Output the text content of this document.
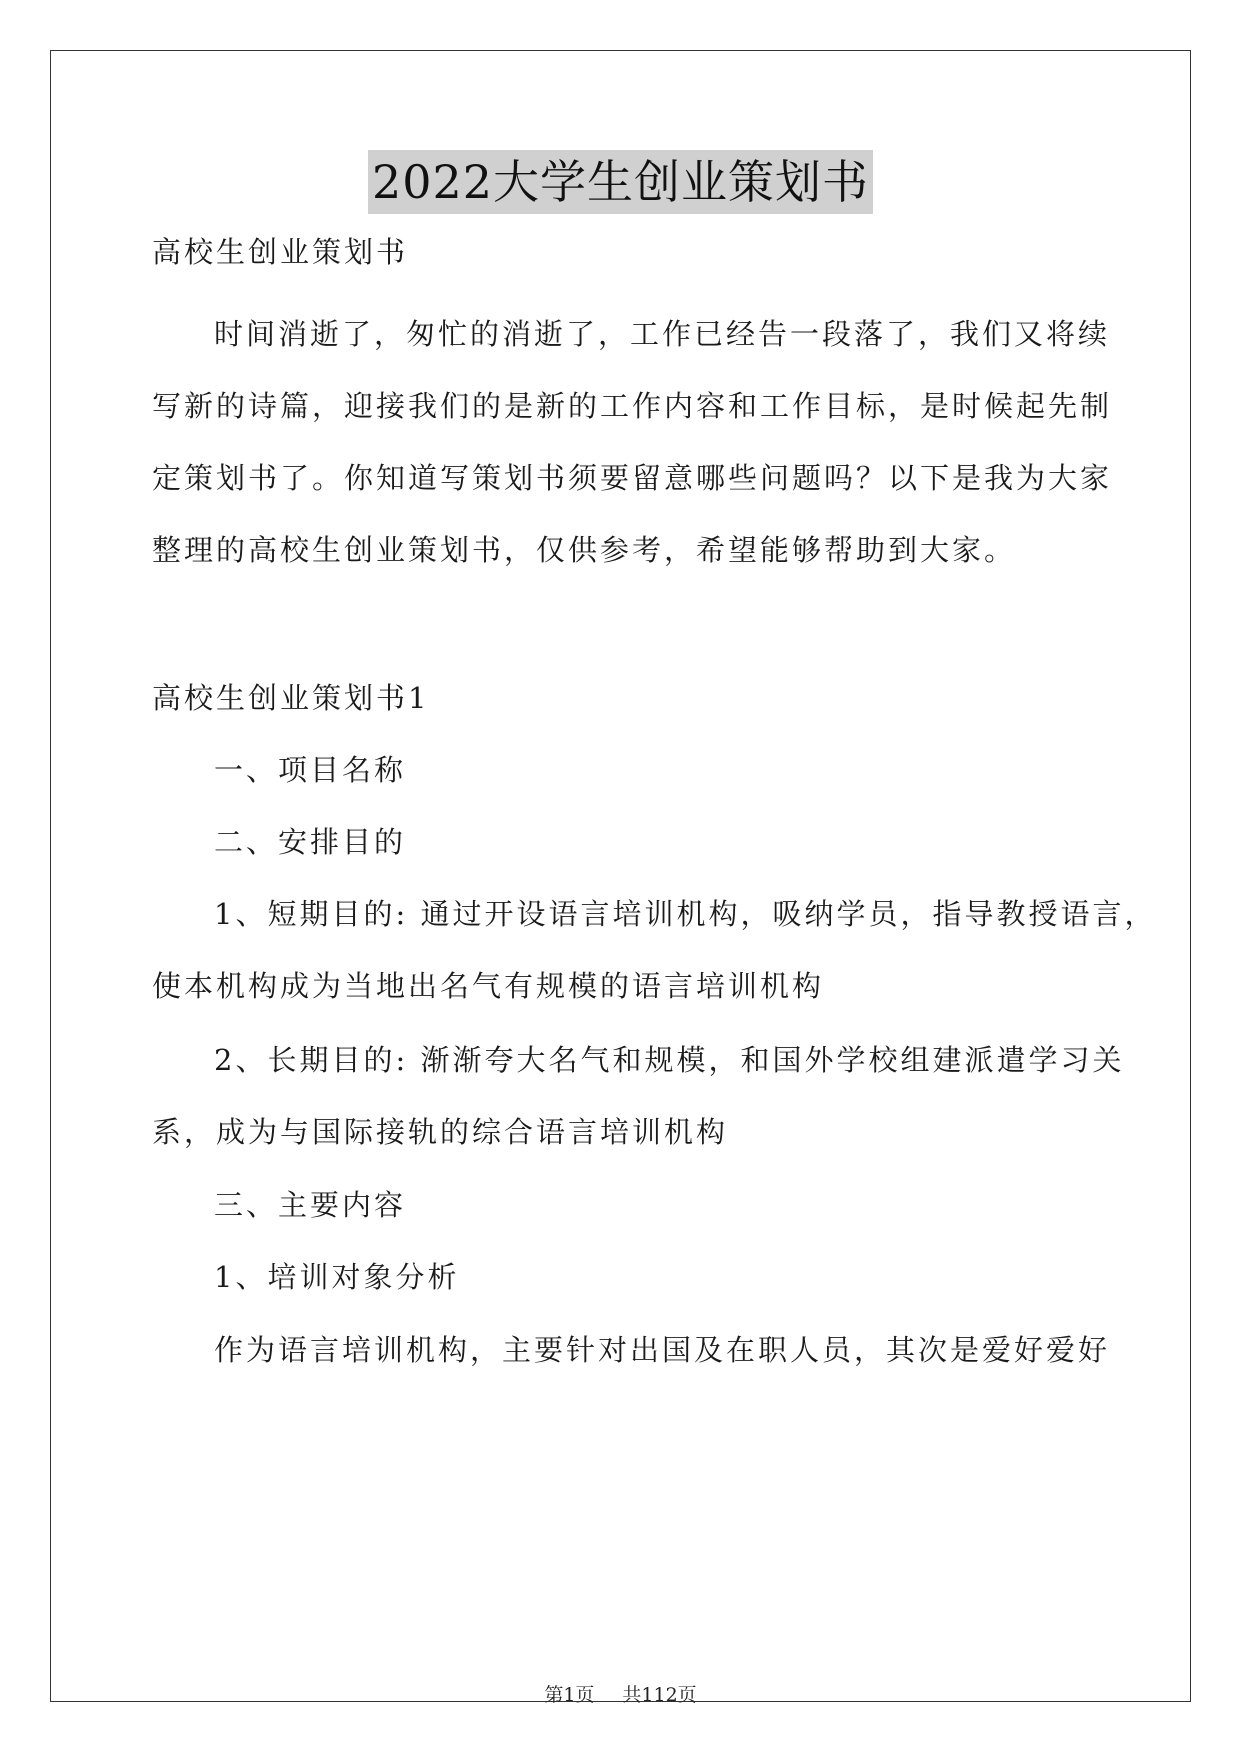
2022大学生创业策划书
高校生创业策划书
时间消逝了，匆忙的消逝了，工作已经告一段落了，我们又将续
写新的诗篇，迎接我们的是新的工作内容和工作目标，是时候起先制
定策划书了。你知道写策划书须要留意哪些问题吗？以下是我为大家
整理的高校生创业策划书，仅供参考，希望能够帮助到大家。
高校生创业策划书1
一、项目名称
二、安排目的
1、短期目的: 通过开设语言培训机构，吸纳学员，指导教授语言，
使本机构成为当地出名气有规模的语言培训机构
2、长期目的: 渐渐夸大名气和规模，和国外学校组建派遣学习关
系，成为与国际接轨的综合语言培训机构
三、主要内容
1、培训对象分析
作为语言培训机构，主要针对出国及在职人员，其次是爱好爱好
第1页 共112页
